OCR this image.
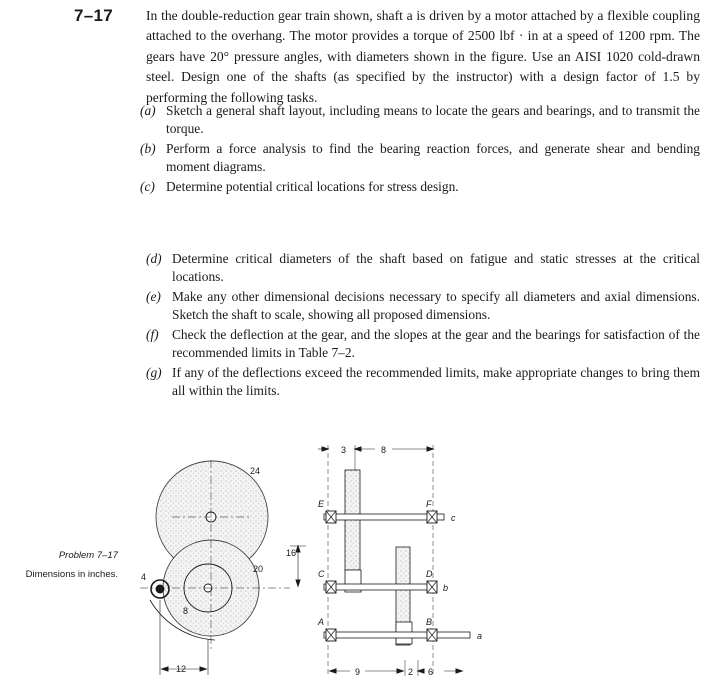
7–17 In the double-reduction gear train shown, shaft a is driven by a motor attached by a flexible coupling attached to the overhang. The motor provides a torque of 2500 lbf · in at a speed of 1200 rpm. The gears have 20° pressure angles, with diameters shown in the figure. Use an AISI 1020 cold-drawn steel. Design one of the shafts (as specified by the instructor) with a design factor of 1.5 by performing the following tasks.

(a) Sketch a general shaft layout, including means to locate the gears and bearings, and to transmit the torque.
(b) Perform a force analysis to find the bearing reaction forces, and generate shear and bending moment diagrams.
(c) Determine potential critical locations for stress design.
(d) Determine critical diameters of the shaft based on fatigue and static stresses at the critical locations.
(e) Make any other dimensional decisions necessary to specify all diameters and axial dimensions. Sketch the shaft to scale, showing all proposed dimensions.
(f) Check the deflection at the gear, and the slopes at the gear and the bearings for satisfaction of the recommended limits in Table 7–2.
(g) If any of the deflections exceed the recommended limits, make appropriate changes to bring them all within the limits.
Problem 7–17
Dimensions in inches.
24
20
4
8
16
12
3	8
9	2 6
E	F
C	D
A	B
c
b
a
